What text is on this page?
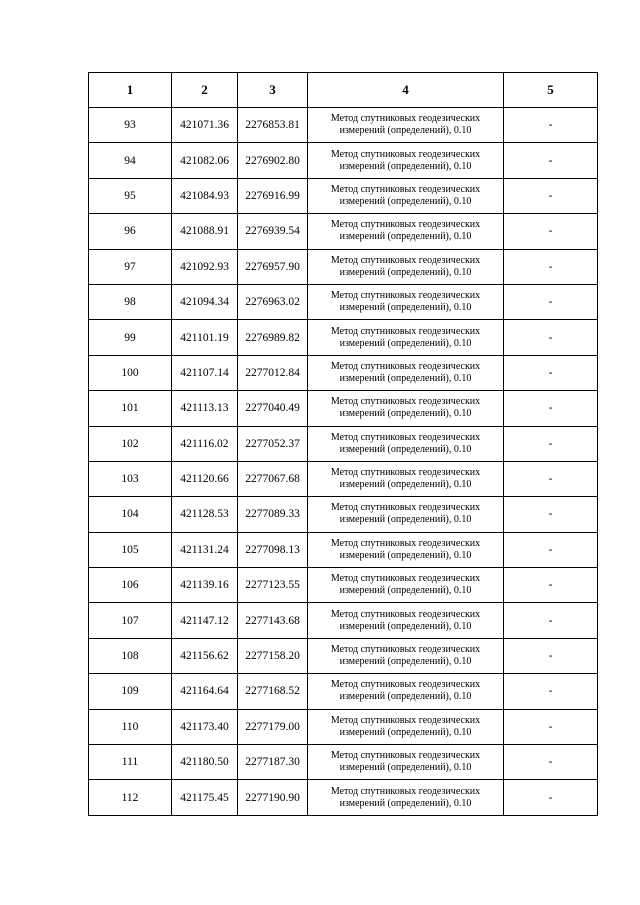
1	2	3	4	5
93	421071.36	2276853.81	Метод спутниковых геодезических
измерений (определений), 0.10	-
94	421082.06	2276902.80	Метод спутниковых геодезических
измерений (определений), 0.10	-
95	421084.93	2276916.99	Метод спутниковых геодезических
измерений (определений), 0.10	-
96	421088.91	2276939.54	Метод спутниковых геодезических
измерений (определений), 0.10	-
97	421092.93	2276957.90	Метод спутниковых геодезических
измерений (определений), 0.10	-
98	421094.34	2276963.02	Метод спутниковых геодезических
измерений (определений), 0.10	-
99	421101.19	2276989.82	Метод спутниковых геодезических
измерений (определений), 0.10	-
100	421107.14	2277012.84	Метод спутниковых геодезических
измерений (определений), 0.10	-
101	421113.13	2277040.49	Метод спутниковых геодезических
измерений (определений), 0.10	-
102	421116.02	2277052.37	Метод спутниковых геодезических
измерений (определений), 0.10	-
103	421120.66	2277067.68	Метод спутниковых геодезических
измерений (определений), 0.10	-
104	421128.53	2277089.33	Метод спутниковых геодезических
измерений (определений), 0.10	-
105	421131.24	2277098.13	Метод спутниковых геодезических
измерений (определений), 0.10	-
106	421139.16	2277123.55	Метод спутниковых геодезических
измерений (определений), 0.10	-
107	421147.12	2277143.68	Метод спутниковых геодезических
измерений (определений), 0.10	-
108	421156.62	2277158.20	Метод спутниковых геодезических
измерений (определений), 0.10	-
109	421164.64	2277168.52	Метод спутниковых геодезических
измерений (определений), 0.10	-
110	421173.40	2277179.00	Метод спутниковых геодезических
измерений (определений), 0.10	-
111	421180.50	2277187.30	Метод спутниковых геодезических
измерений (определений), 0.10	-
112	421175.45	2277190.90	Метод спутниковых геодезических
измерений (определений), 0.10	-
